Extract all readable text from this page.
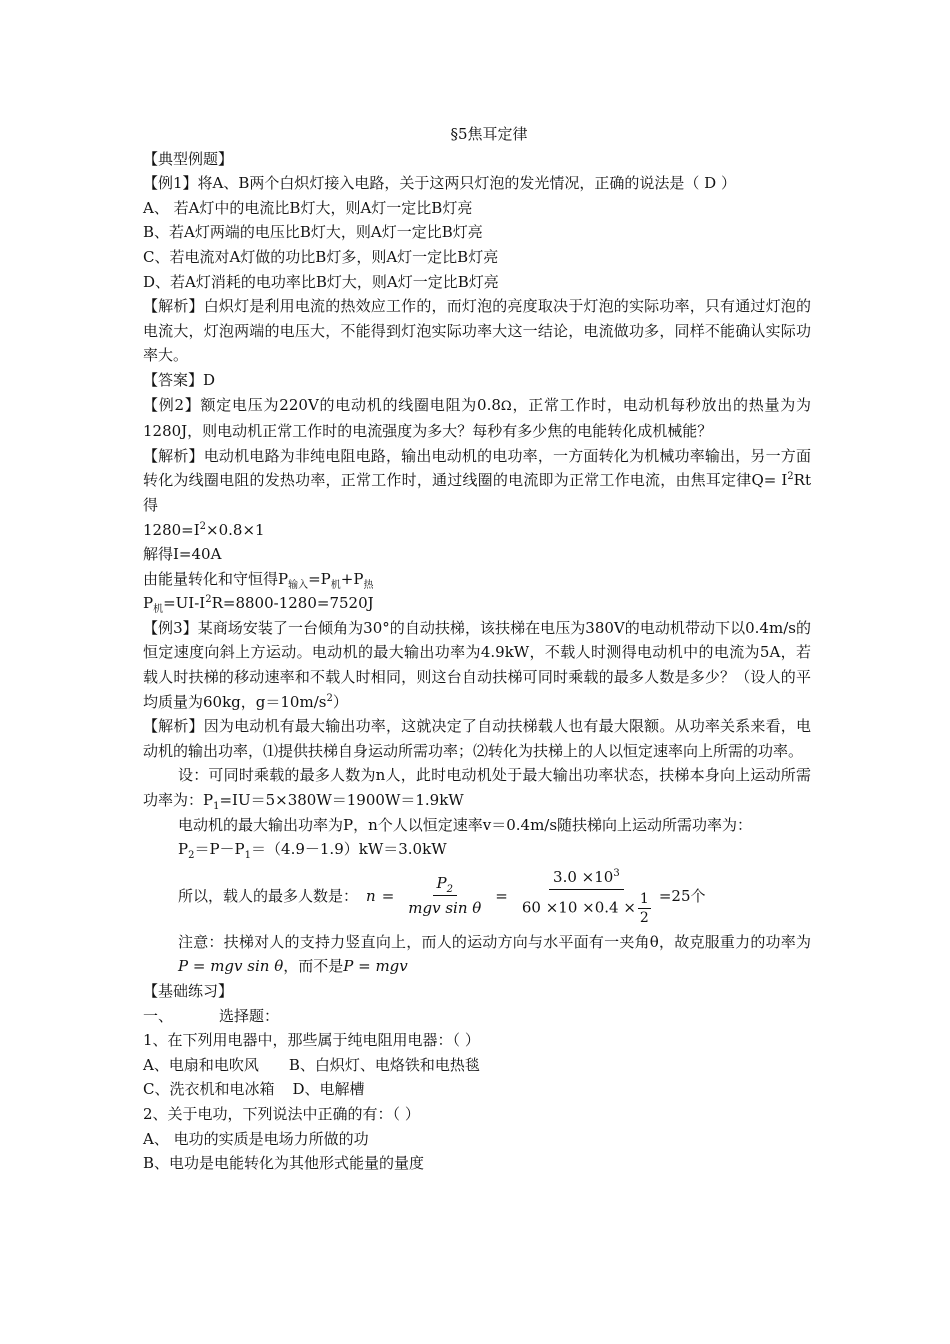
§5焦耳定律

【典型例题】

【例1】将A、B两个白炽灯接入电路，关于这两只灯泡的发光情况，正确的说法是（ D ）

A、 若A灯中的电流比B灯大，则A灯一定比B灯亮

B、若A灯两端的电压比B灯大，则A灯一定比B灯亮

C、若电流对A灯做的功比B灯多，则A灯一定比B灯亮

D、若A灯消耗的电功率比B灯大，则A灯一定比B灯亮

【解析】白炽灯是利用电流的热效应工作的，而灯泡的亮度取决于灯泡的实际功率，只有通过灯泡的电流大，灯泡两端的电压大，不能得到灯泡实际功率大这一结论，电流做功多，同样不能确认实际功率大。

【答案】D

【例2】额定电压为220V的电动机的线圈电阻为0.8Ω，正常工作时，电动机每秒放出的热量为为1280J，则电动机正常工作时的电流强度为多大？每秒有多少焦的电能转化成机械能？

【解析】电动机电路为非纯电阻电路，输出电动机的电功率，一方面转化为机械功率输出，另一方面转化为线圈电阻的发热功率，正常工作时，通过线圈的电流即为正常工作电流，由焦耳定律$Q= I^2Rt$得

$1280=I^2\times 0.8\times 1$

解得I=40A

由能量转化和守恒得$P_{输入}=P_机+P_热$

$P_机=UI-I^2R=8800-1280=7520J$

【例3】某商场安装了一台倾角为30°的自动扶梯，该扶梯在电压为380V的电动机带动下以0.4m/s的恒定速度向斜上方运动。电动机的最大输出功率为4.9kW，不载人时测得电动机中的电流为5A，若载人时扶梯的移动速率和不载人时相同，则这台自动扶梯可同时乘载的最多人数是多少？（设人的平均质量为60kg，$g=10m/s^2$）

【解析】因为电动机有最大输出功率，这就决定了自动扶梯载人也有最大限额。从功率关系来看，电动机的输出功率，⑴提供扶梯自身运动所需功率；⑵转化为扶梯上的人以恒定速率向上所需的功率。

设：可同时乘载的最多人数为n人，此时电动机处于最大输出功率状态，扶梯本身向上运动所需功率为：$P_1=IU=5\times 380W=1900W=1.9kW$

电动机的最大输出功率为P，n个人以恒定速率v＝0.4m/s随扶梯向上运动所需功率为：

$P_2=P-P_1=(4.9-1.9)kW=3.0kW$

所以，载人的最多人数是： $n = \frac{P_2}{\text{mgv sin θ}} = \frac{3.0 \times 10^3}{60 \times 10 \times 0.4 \times \frac{1}{2}} =25$ 个

注意：扶梯对人的支持力竖直向上，而人的运动方向与水平面有一夹角θ，故克服重力的功率为P = mgv sin θ，而不是P = mgv

【基础练习】

一、	选择题：

1、在下列用电器中，那些属于纯电阻用电器：（ ）

A、电扇和电吹风 B、白炽灯、电烙铁和电热毯

C、洗衣机和电冰箱 D、电解槽

2、关于电功，下列说法中正确的有：（ ）

A、 电功的实质是电场力所做的功

B、电功是电能转化为其他形式能量的量度
